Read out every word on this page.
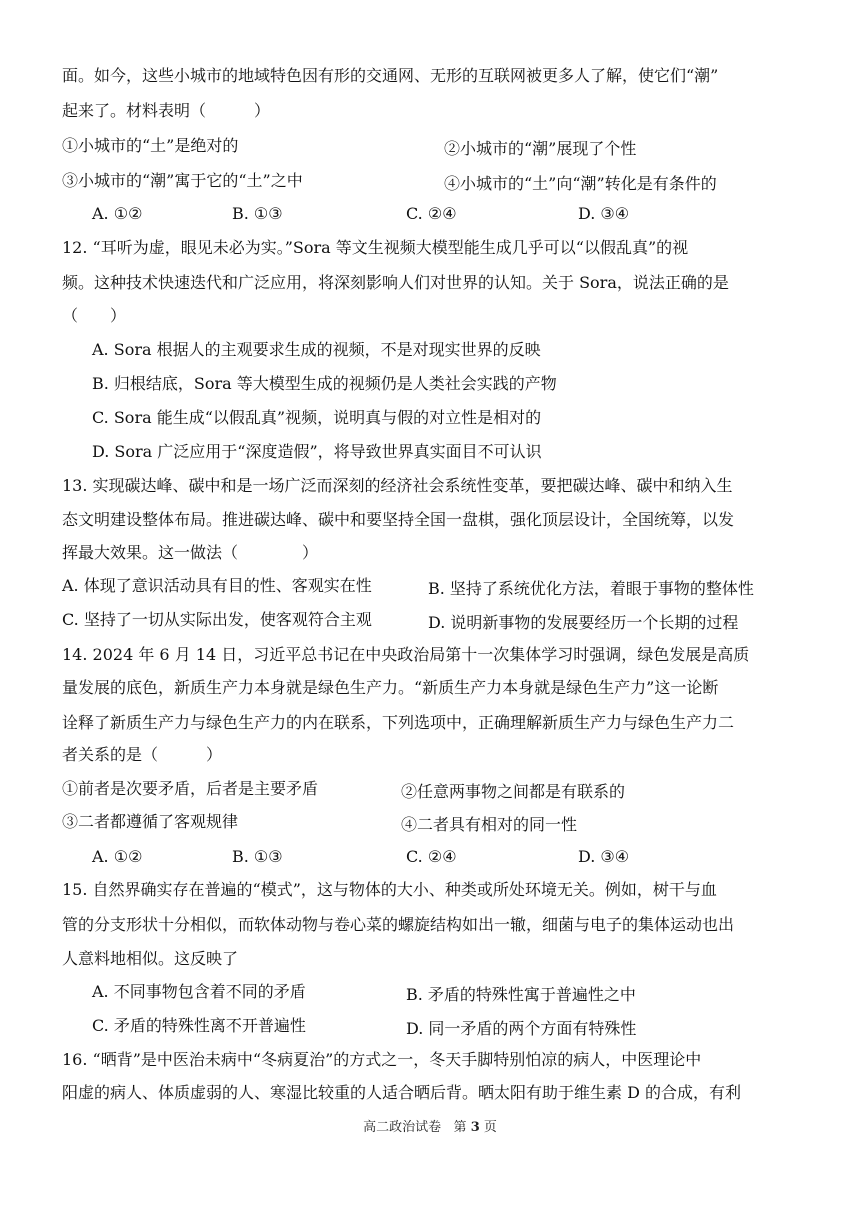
面。如今，这些小城市的地域特色因有形的交通网、无形的互联网被更多人了解，使它们“潮”
起来了。材料表明（　　　）
①小城市的“土”是绝对的	②小城市的“潮”展现了个性
③小城市的“潮”寓于它的“土”之中	④小城市的“土”向“潮”转化是有条件的
A. ①②	B. ①③	C. ②④	D. ③④
12. “耳听为虚，眼见未必为实。”Sora 等文生视频大模型能生成几乎可以“以假乱真”的视
频。这种技术快速迭代和广泛应用，将深刻影响人们对世界的认知。关于 Sora，说法正确的是
（　　）
A. Sora 根据人的主观要求生成的视频，不是对现实世界的反映
B. 归根结底，Sora 等大模型生成的视频仍是人类社会实践的产物
C. Sora 能生成“以假乱真”视频，说明真与假的对立性是相对的
D. Sora 广泛应用于“深度造假”，将导致世界真实面目不可认识
13. 实现碳达峰、碳中和是一场广泛而深刻的经济社会系统性变革，要把碳达峰、碳中和纳入生
态文明建设整体布局。推进碳达峰、碳中和要坚持全国一盘棋，强化顶层设计，全国统筹，以发
挥最大效果。这一做法（　　　　）
A. 体现了意识活动具有目的性、客观实在性	B. 坚持了系统优化方法，着眼于事物的整体性
C. 坚持了一切从实际出发，使客观符合主观	D. 说明新事物的发展要经历一个长期的过程
14. 2024 年 6 月 14 日，习近平总书记在中央政治局第十一次集体学习时强调，绿色发展是高质
量发展的底色，新质生产力本身就是绿色生产力。“新质生产力本身就是绿色生产力”这一论断
诠释了新质生产力与绿色生产力的内在联系，下列选项中，正确理解新质生产力与绿色生产力二
者关系的是（　　　）
①前者是次要矛盾，后者是主要矛盾	②任意两事物之间都是有联系的
③二者都遵循了客观规律	④二者具有相对的同一性
A. ①②	B. ①③	C. ②④	D. ③④
15. 自然界确实存在普遍的“模式”，这与物体的大小、种类或所处环境无关。例如，树干与血
管的分支形状十分相似，而软体动物与卷心菜的螺旋结构如出一辙，细菌与电子的集体运动也出
人意料地相似。这反映了
A. 不同事物包含着不同的矛盾	B. 矛盾的特殊性寓于普遍性之中
C. 矛盾的特殊性离不开普遍性	D. 同一矛盾的两个方面有特殊性
16. “晒背”是中医治未病中“冬病夏治”的方式之一，冬天手脚特别怕凉的病人，中医理论中
阳虚的病人、体质虚弱的人、寒湿比较重的人适合晒后背。晒太阳有助于维生素 D 的合成，有利
高二政治试卷 第 3 页
